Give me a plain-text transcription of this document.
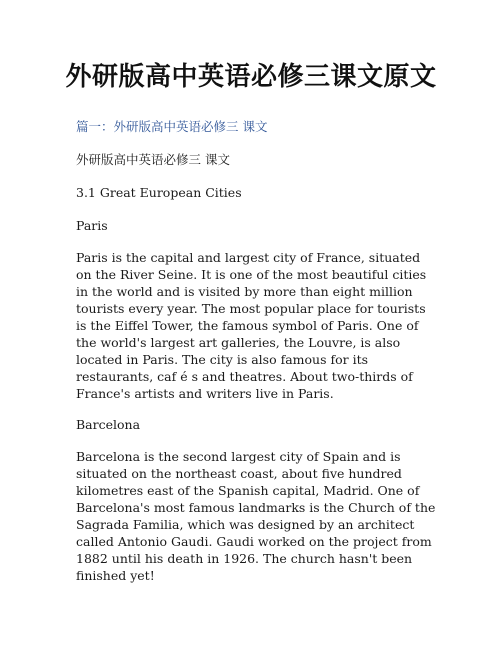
外研版高中英语必修三课文原文

篇一：外研版高中英语必修三 课文

外研版高中英语必修三 课文

3.1 Great European Cities

Paris

Paris is the capital and largest city of France, situated on the River Seine. It is one of the most beautiful cities in the world and is visited by more than eight million tourists every year. The most popular place for tourists is the Eiffel Tower, the famous symbol of Paris. One of the world's largest art galleries, the Louvre, is also located in Paris. The city is also famous for its restaurants, caf é s and theatres. About two-thirds of France's artists and writers live in Paris.

Barcelona

Barcelona is the second largest city of Spain and is situated on the northeast coast, about five hundred kilometres east of the Spanish capital, Madrid. One of Barcelona's most famous landmarks is the Church of the Sagrada Familia, which was designed by an architect called Antonio Gaudi. Gaudi worked on the project from 1882 until his death in 1926. The church hasn't been finished yet!
